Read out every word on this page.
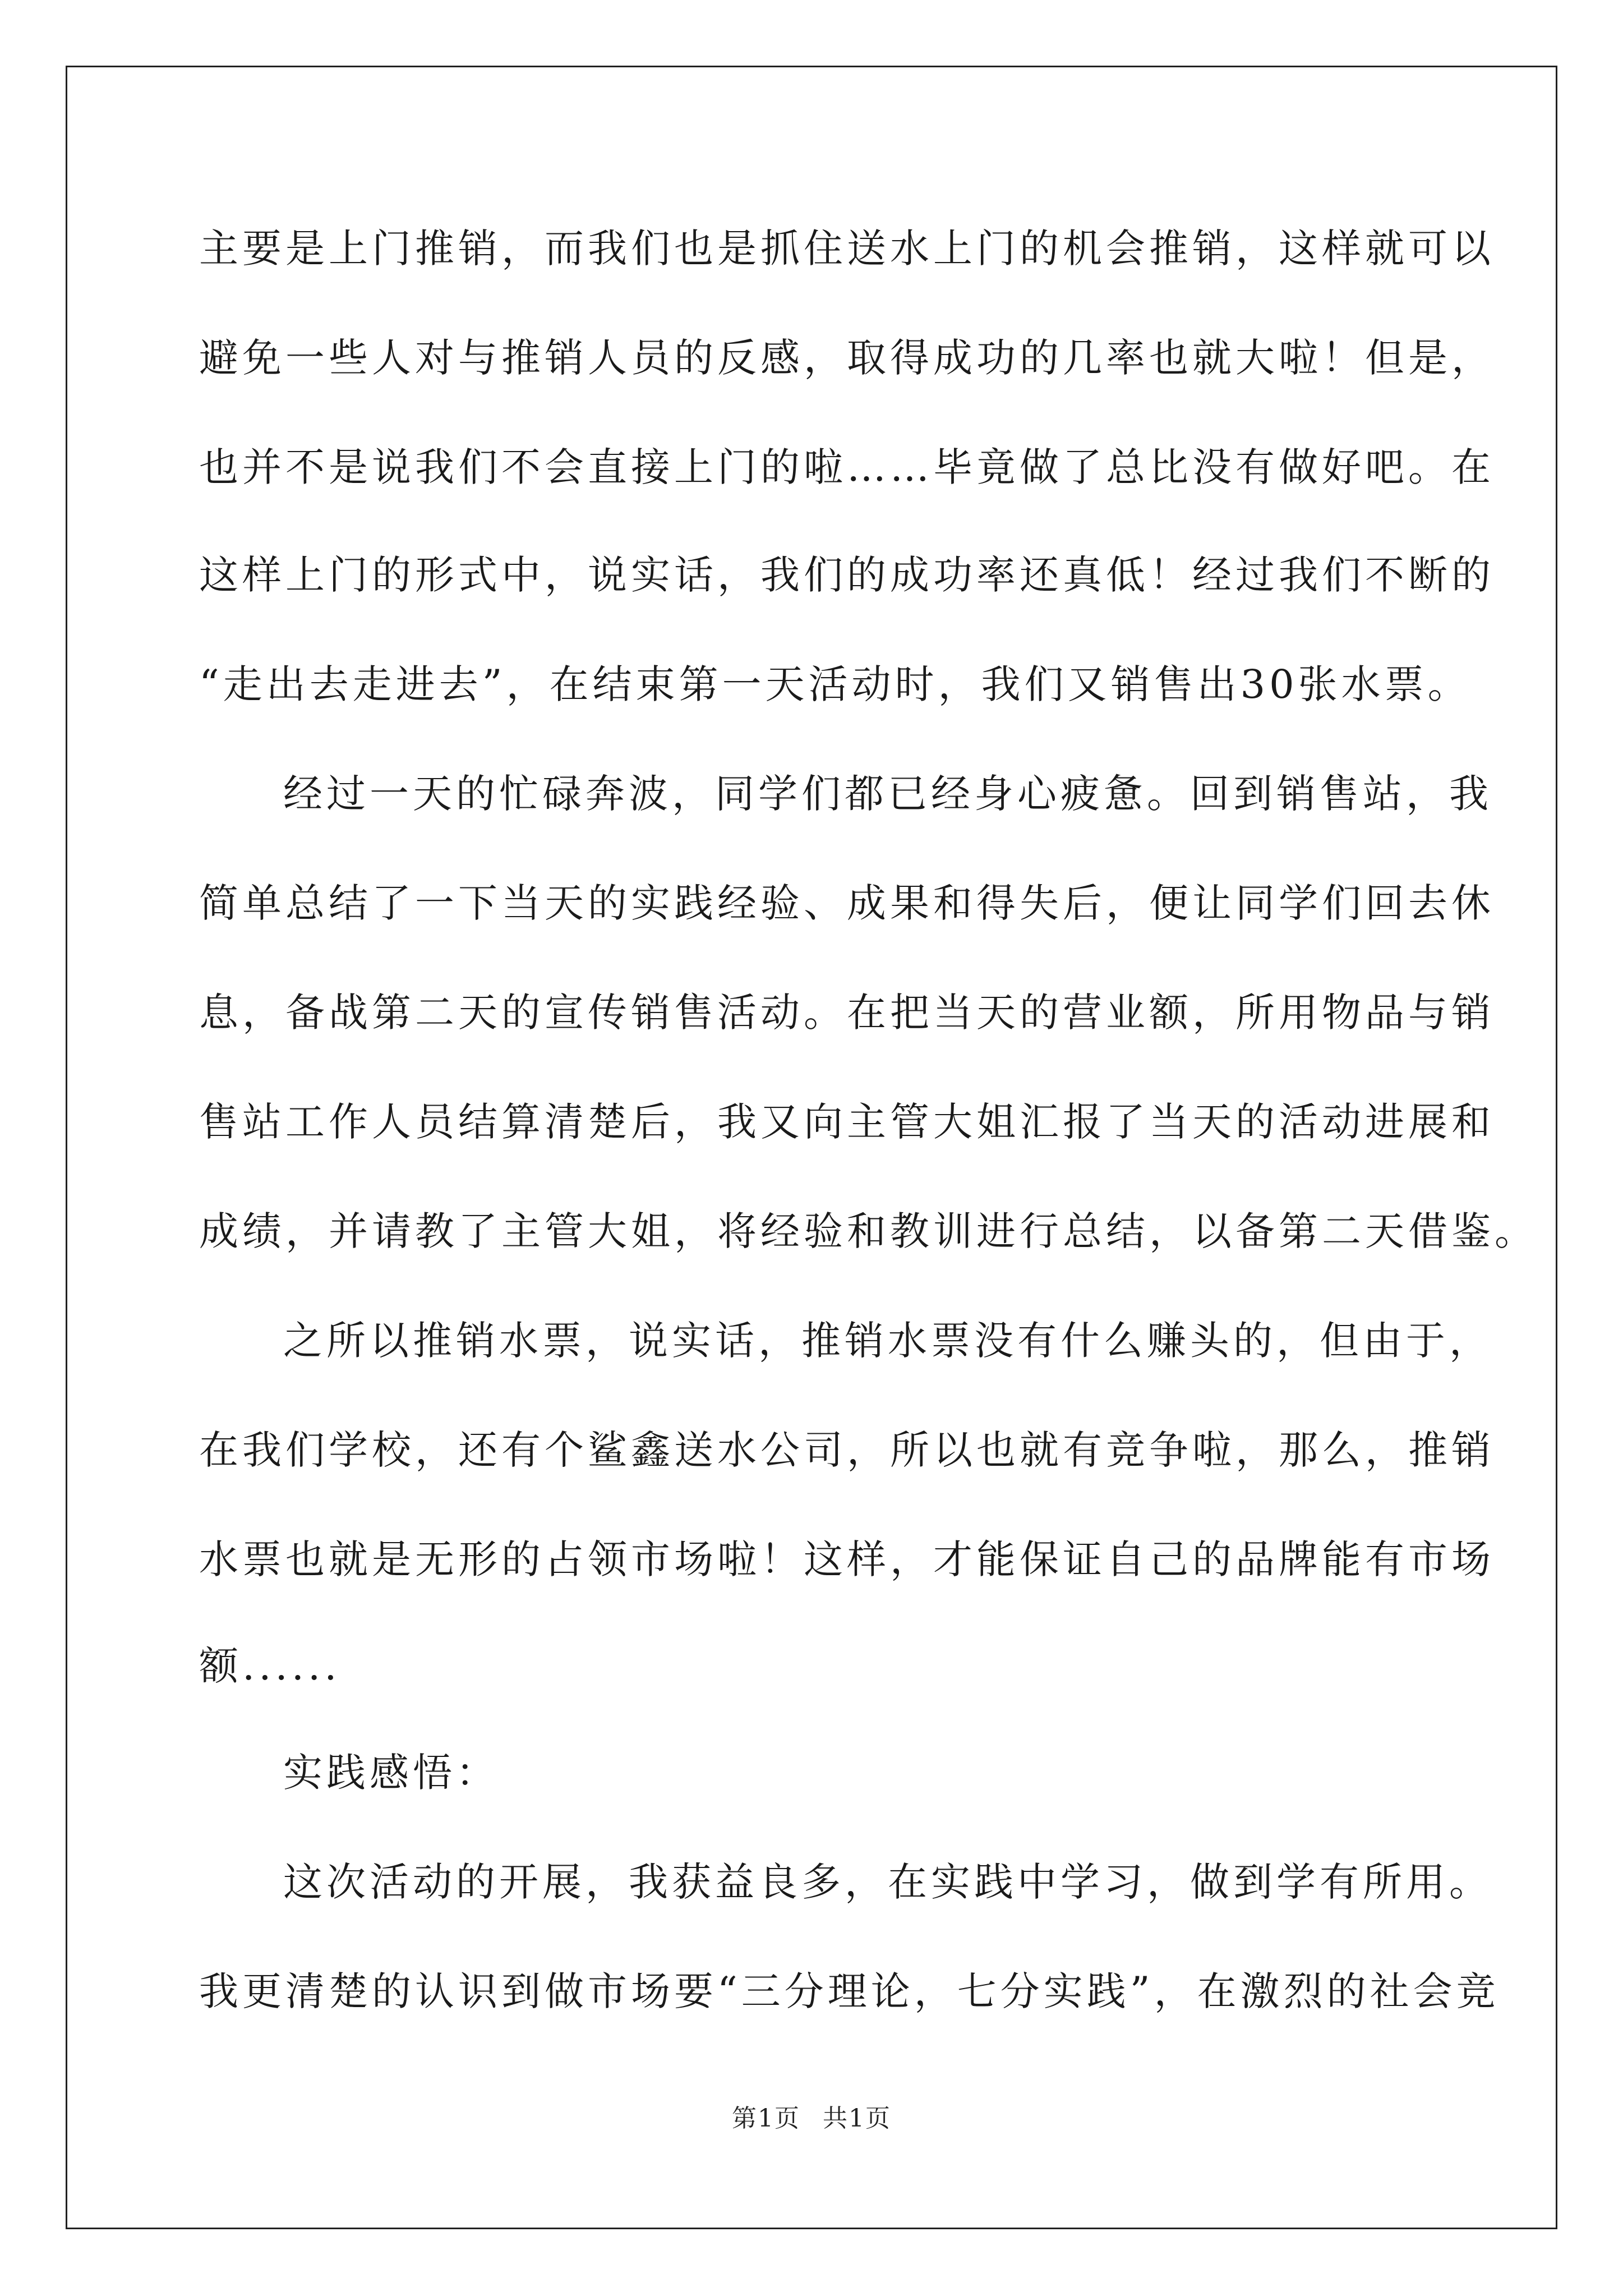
主要是上门推销，而我们也是抓住送水上门的机会推销，这样就可以
避免一些人对与推销人员的反感，取得成功的几率也就大啦！但是，
也并不是说我们不会直接上门的啦……毕竟做了总比没有做好吧。在
这样上门的形式中，说实话，我们的成功率还真低！经过我们不断的
“走出去走进去”，在结束第一天活动时，我们又销售出30张水票。
经过一天的忙碌奔波，同学们都已经身心疲惫。回到销售站，我
简单总结了一下当天的实践经验、成果和得失后，便让同学们回去休
息，备战第二天的宣传销售活动。在把当天的营业额，所用物品与销
售站工作人员结算清楚后，我又向主管大姐汇报了当天的活动进展和
成绩，并请教了主管大姐，将经验和教训进行总结，以备第二天借鉴。
之所以推销水票，说实话，推销水票没有什么赚头的，但由于，
在我们学校，还有个鲨鑫送水公司，所以也就有竞争啦，那么，推销
水票也就是无形的占领市场啦！这样，才能保证自己的品牌能有市场
额......
实践感悟：
这次活动的开展，我获益良多，在实践中学习，做到学有所用。
我更清楚的认识到做市场要“三分理论，七分实践”，在激烈的社会竞
第1页 共1页
